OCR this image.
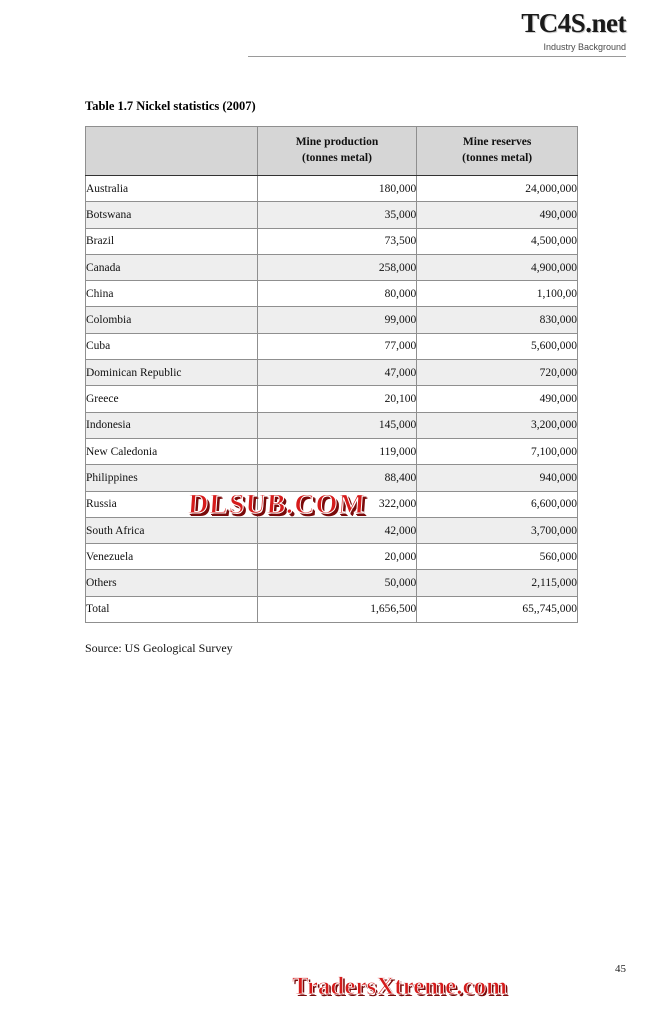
TC4S.net
Industry Background
Table 1.7 Nickel statistics (2007)

Mine production
(tonnes metal)

Mine reserves
(tonnes metal)

Australia	180,000	24,000,000
Botswana	35,000	490,000
Brazil	73,500	4,500,000
Canada	258,000	4,900,000
China	80,000	1,100,00
Colombia	99,000	830,000
Cuba	77,000	5,600,000
Dominican Republic	47,000	720,000
Greece	20,100	490,000
Indonesia	145,000	3,200,000
New Caledonia	119,000	7,100,000
Philippines	88,400	940,000
Russia	322,000	6,600,000
South Africa	42,000	3,700,000
Venezuela	20,000	560,000
Others	50,000	2,115,000
Total	1,656,500	65,,745,000
Source: US Geological Survey
DLSUB.COM
TradersXtreme.com
45
